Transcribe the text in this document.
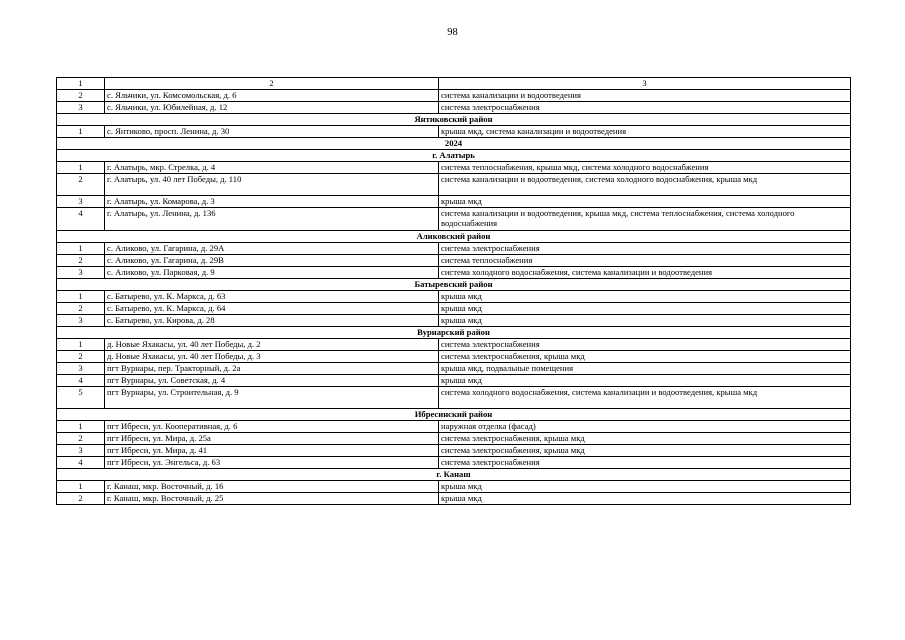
98
1	2	3
2	с. Яльчики, ул. Комсомольская, д. 6	система канализации и водоотведения
3	с. Яльчики, ул. Юбилейная, д. 12	система электроснабжения
Янтиковский район		
1	с. Янтиково, просп. Ленина, д. 30	крыша мкд, система канализации и водоотведения
2024		
г. Алатырь		
1	г. Алатырь, мкр. Стрелка, д. 4	система теплоснабжения, крыша мкд, система холодного водоснабжения
2	г. Алатырь, ул. 40 лет Победы, д. 110	система канализации и водоотведения, система холодного водоснабжения, крыша мкд
3	г. Алатырь, ул. Комарова, д. 3	крыша мкд
4	г. Алатырь, ул. Ленина, д. 136	система канализации и водоотведения, крыша мкд, система теплоснабжения, система холодного водоснабжения
Аликовский район		
1	с. Аликово, ул. Гагарина, д. 29А	система электроснабжения
2	с. Аликово, ул. Гагарина, д. 29В	система теплоснабжения
3	с. Аликово, ул. Парковая, д. 9	система холодного водоснабжения, система канализации и водоотведения
Батыревский район		
1	с. Батырево, ул. К. Маркса, д. 63	крыша мкд
2	с. Батырево, ул. К. Маркса, д. 64	крыша мкд
3	с. Батырево, ул. Кирова, д. 28	крыша мкд
Вурнарский район		
1	д. Новые Яхакасы, ул. 40 лет Победы, д. 2	система электроснабжения
2	д. Новые Яхакасы, ул. 40 лет Победы, д. 3	система электроснабжения, крыша мкд
3	пгт Вурнары, пер. Тракторный, д. 2а	крыша мкд, подвальные помещения
4	пгт Вурнары, ул. Советская, д. 4	крыша мкд
5	пгт Вурнары, ул. Строительная, д. 9	система холодного водоснабжения, система канализации и водоотведения, крыша мкд
Ибресинский район		
1	пгт Ибреси, ул. Кооперативная, д. 6	наружная отделка (фасад)
2	пгт Ибреси, ул. Мира, д. 25а	система электроснабжения, крыша мкд
3	пгт Ибреси, ул. Мира, д. 41	система электроснабжения, крыша мкд
4	пгт Ибреси, ул. Энгельса, д. 63	система электроснабжения
г. Канаш		
1	г. Канаш, мкр. Восточный, д. 16	крыша мкд
2	г. Канаш, мкр. Восточный, д. 25	крыша мкд
